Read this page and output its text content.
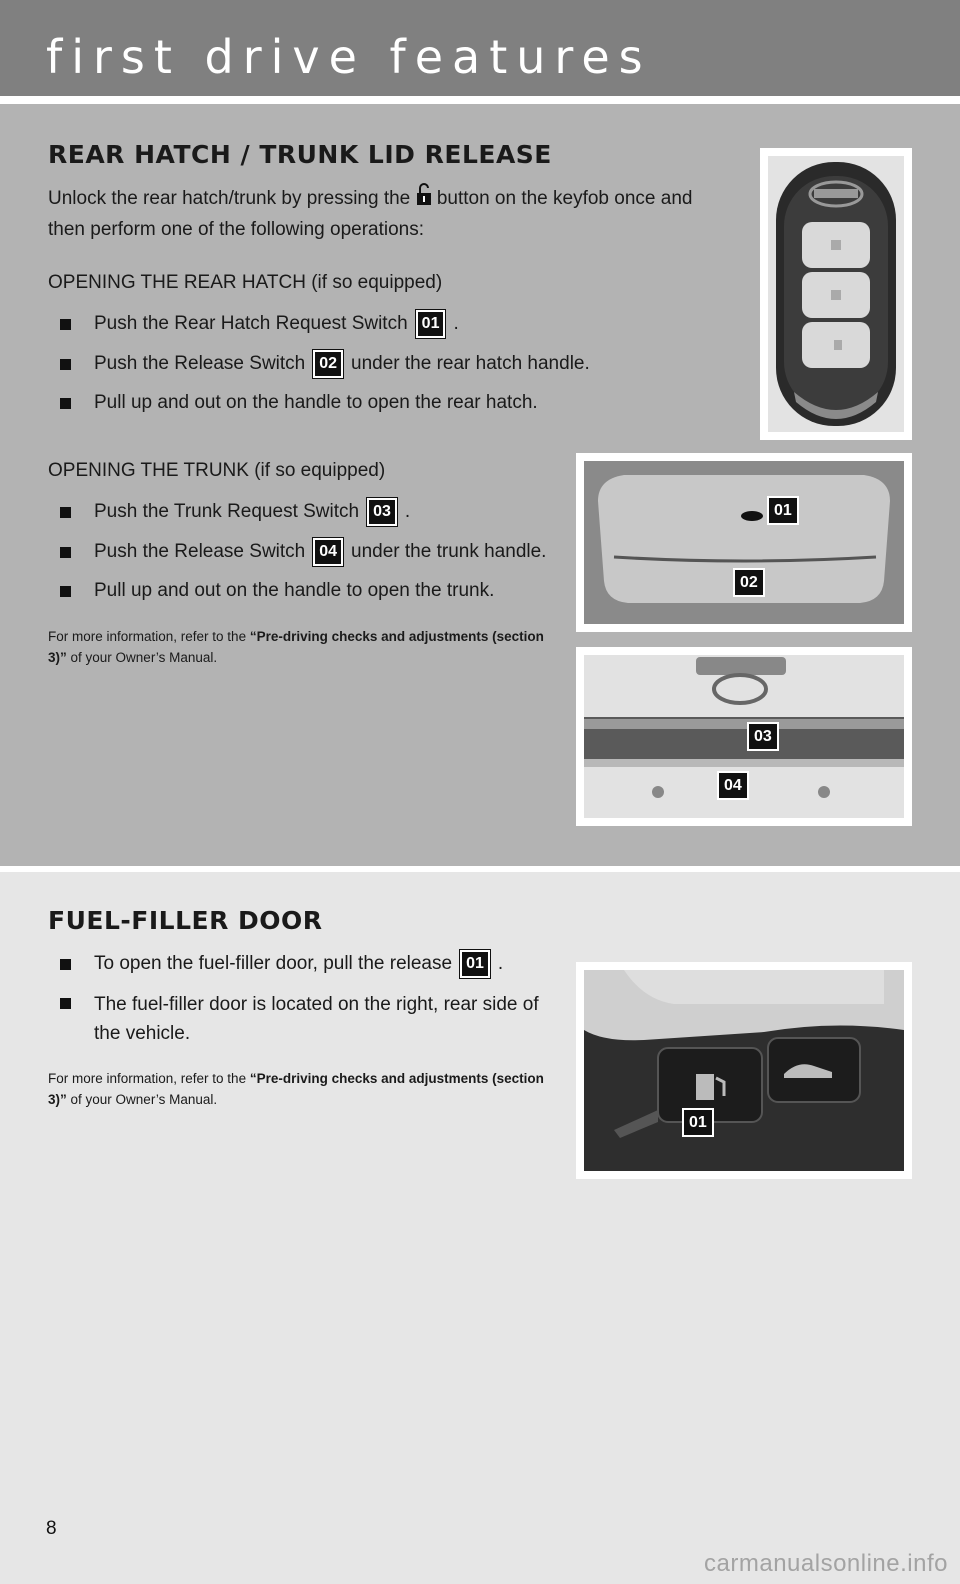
first drive features
REAR HATCH / TRUNK LID RELEASE
Unlock the rear hatch/trunk by pressing the button on the keyfob once and
then perform one of the following operations:
OPENING THE REAR HATCH (if so equipped)
Push the Rear Hatch Request Switch 01 .
Push the Release Switch 02 under the rear hatch handle.
Pull up and out on the handle to open the rear hatch.
OPENING THE TRUNK (if so equipped)
Push the Trunk Request Switch 03 .
Push the Release Switch 04 under the trunk handle.
Pull up and out on the handle to open the trunk.
For more information, refer to the “Pre-driving checks and adjustments (section 3)” of your Owner’s Manual.
01
02
03
04
FUEL-FILLER DOOR
To open the fuel-filler door, pull the release 01 .
The fuel-filler door is located on the right, rear side of
the vehicle.
For more information, refer to the “Pre-driving checks and adjustments (section 3)” of your Owner’s Manual.
01
8
carmanualsonline.info
